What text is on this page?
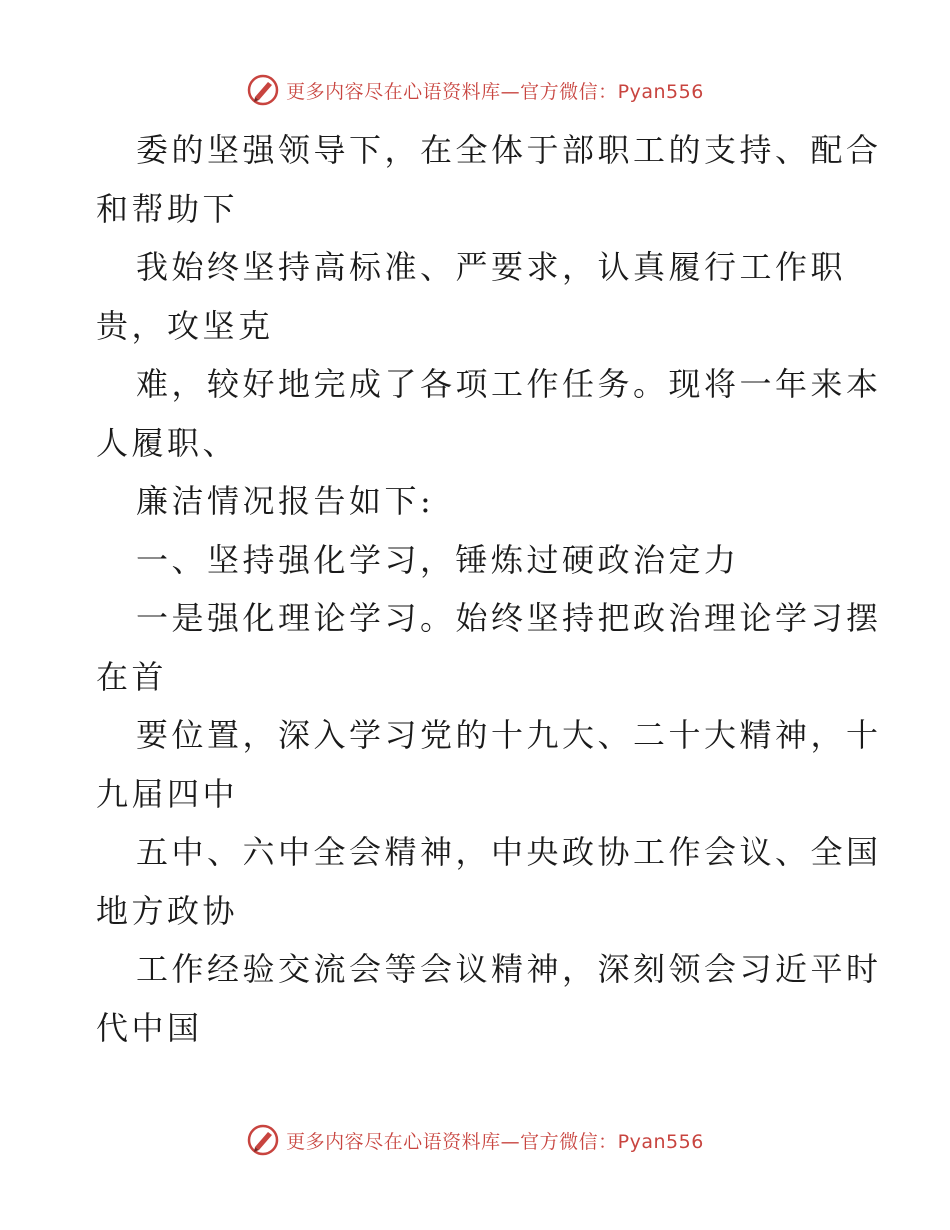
更多内容尽在心语资料库—官方微信：Pyan556
委的坚强领导下，在全体于部职工的支持、配合
和帮助下
我始终坚持高标准、严要求，认真履行工作职
贵，攻坚克
难，较好地完成了各项工作任务。现将一年来本
人履职、
廉洁情况报告如下:
一、坚持强化学习，锤炼过硬政治定力
一是强化理论学习。始终坚持把政治理论学习摆
在首
要位置，深入学习党的十九大、二十大精神，十
九届四中
五中、六中全会精神，中央政协工作会议、全国
地方政协
工作经验交流会等会议精神，深刻领会习近平时
代中国
更多内容尽在心语资料库—官方微信：Pyan556
